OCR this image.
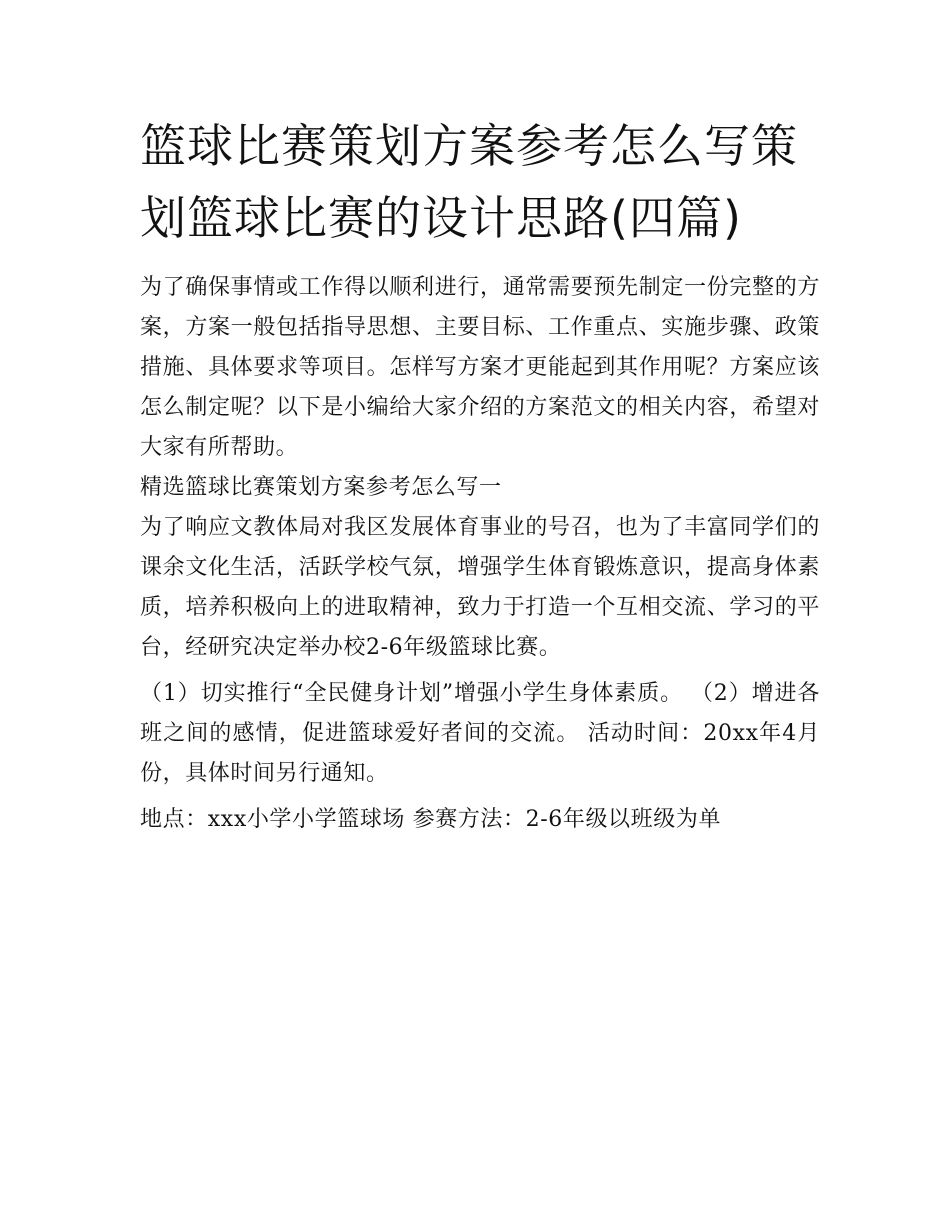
篮球比赛策划方案参考怎么写策划篮球比赛的设计思路(四篇)

为了确保事情或工作得以顺利进行，通常需要预先制定一份完整的方案，方案一般包括指导思想、主要目标、工作重点、实施步骤、政策措施、具体要求等项目。怎样写方案才更能起到其作用呢？方案应该怎么制定呢？以下是小编给大家介绍的方案范文的相关内容，希望对大家有所帮助。

精选篮球比赛策划方案参考怎么写一

为了响应文教体局对我区发展体育事业的号召，也为了丰富同学们的课余文化生活，活跃学校气氛，增强学生体育锻炼意识，提高身体素质，培养积极向上的进取精神，致力于打造一个互相交流、学习的平台，经研究决定举办校2-6年级篮球比赛。

（1）切实推行“全民健身计划”增强小学生身体素质。 （2）增进各班之间的感情，促进篮球爱好者间的交流。 活动时间：20xx年4月份，具体时间另行通知。

地点：xxx小学小学篮球场 参赛方法：2-6年级以班级为单
